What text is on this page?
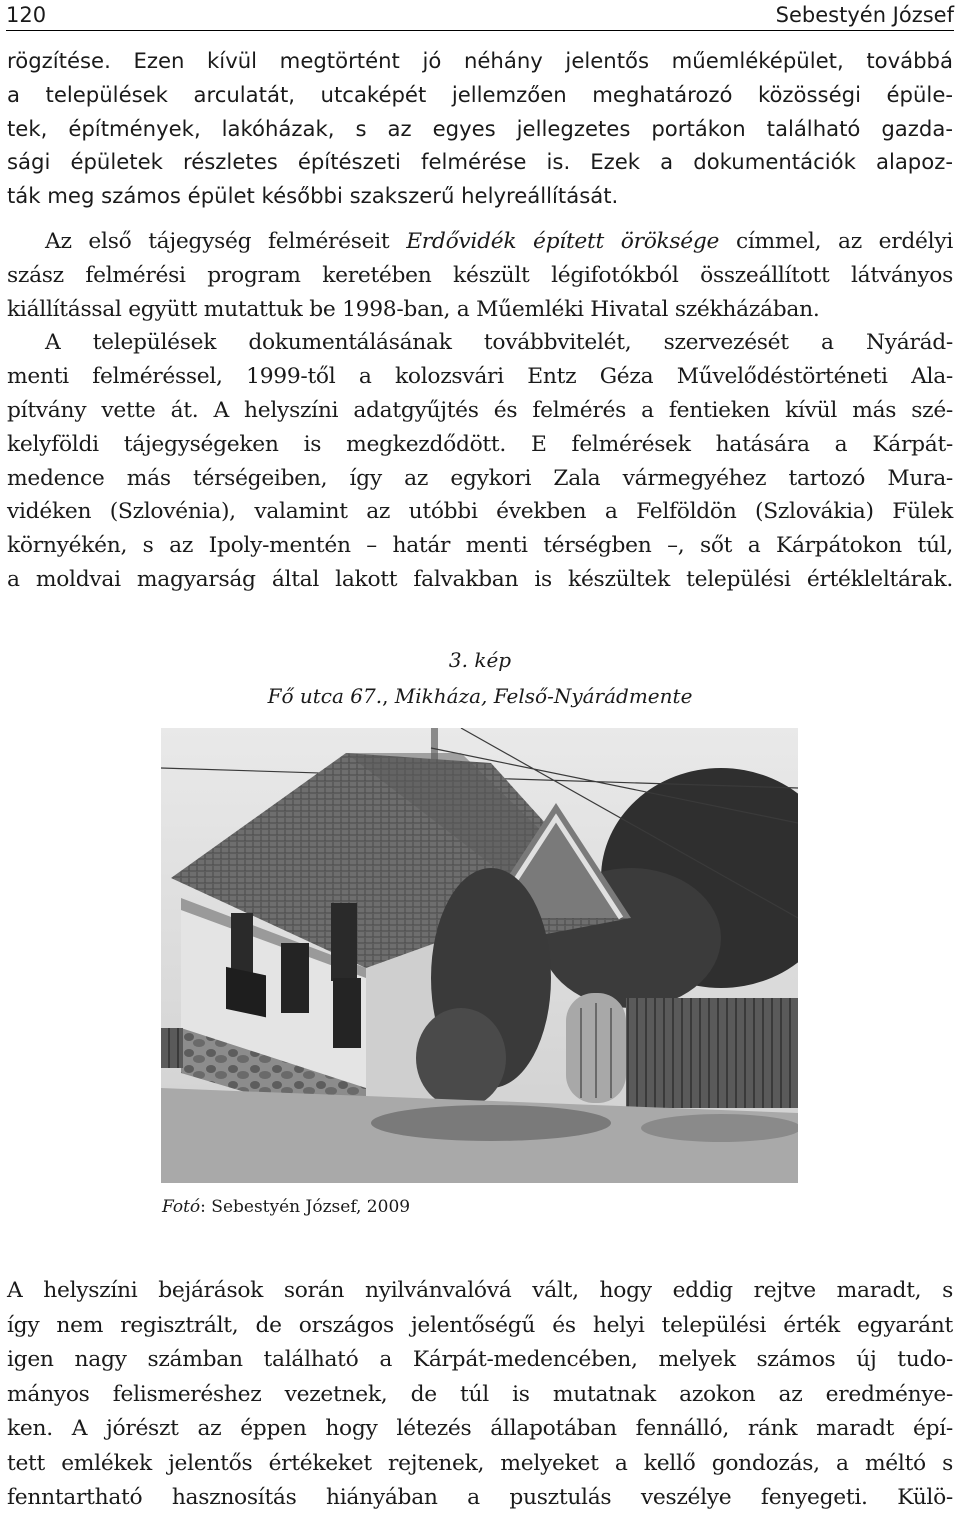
120	Sebestyén József
rögzítése. Ezen kívül megtörtént jó néhány jelentős műemléképület, továbbá
a települések arculatát, utcaképét jellemzően meghatározó közösségi épüle-
tek, építmények, lakóházak, s az egyes jellegzetes portákon található gazda-
sági épületek részletes építészeti felmérése is. Ezek a dokumentációk alapoz-
ták meg számos épület későbbi szakszerű helyreállítását.
Az első tájegység felméréseit Erdővidék épített öröksége címmel, az erdélyi
szász felmérési program keretében készült légifotókból összeállított látványos
kiállítással együtt mutattuk be 1998-ban, a Műemléki Hivatal székházában.
A települések dokumentálásának továbbvitelét, szervezését a Nyárád-
menti felméréssel, 1999-től a kolozsvári Entz Géza Művelődéstörténeti Ala-
pítvány vette át. A helyszíni adatgyűjtés és felmérés a fentieken kívül más szé-
kelyföldi tájegységeken is megkezdődött. E felmérések hatására a Kárpát-
medence más térségeiben, így az egykori Zala vármegyéhez tartozó Mura-
vidéken (Szlovénia), valamint az utóbbi években a Felföldön (Szlovákia) Fülek
környékén, s az Ipoly-mentén – határ menti térségben –, sőt a Kárpátokon túl,
a moldvai magyarság által lakott falvakban is készültek települési értékleltárak.
3. kép
Fő utca 67., Mikháza, Felső-Nyárádmente
Fotó: Sebestyén József, 2009
A helyszíni bejárások során nyilvánvalóvá vált, hogy eddig rejtve maradt, s
így nem regisztrált, de országos jelentőségű és helyi települési érték egyaránt
igen nagy számban található a Kárpát-medencében, melyek számos új tudo-
mányos felismeréshez vezetnek, de túl is mutatnak azokon az eredménye-
ken. A jórészt az éppen hogy létezés állapotában fennálló, ránk maradt épí-
tett emlékek jelentős értékeket rejtenek, melyeket a kellő gondozás, a méltó s
fenntartható hasznosítás hiányában a pusztulás veszélye fenyegeti. Külö-
